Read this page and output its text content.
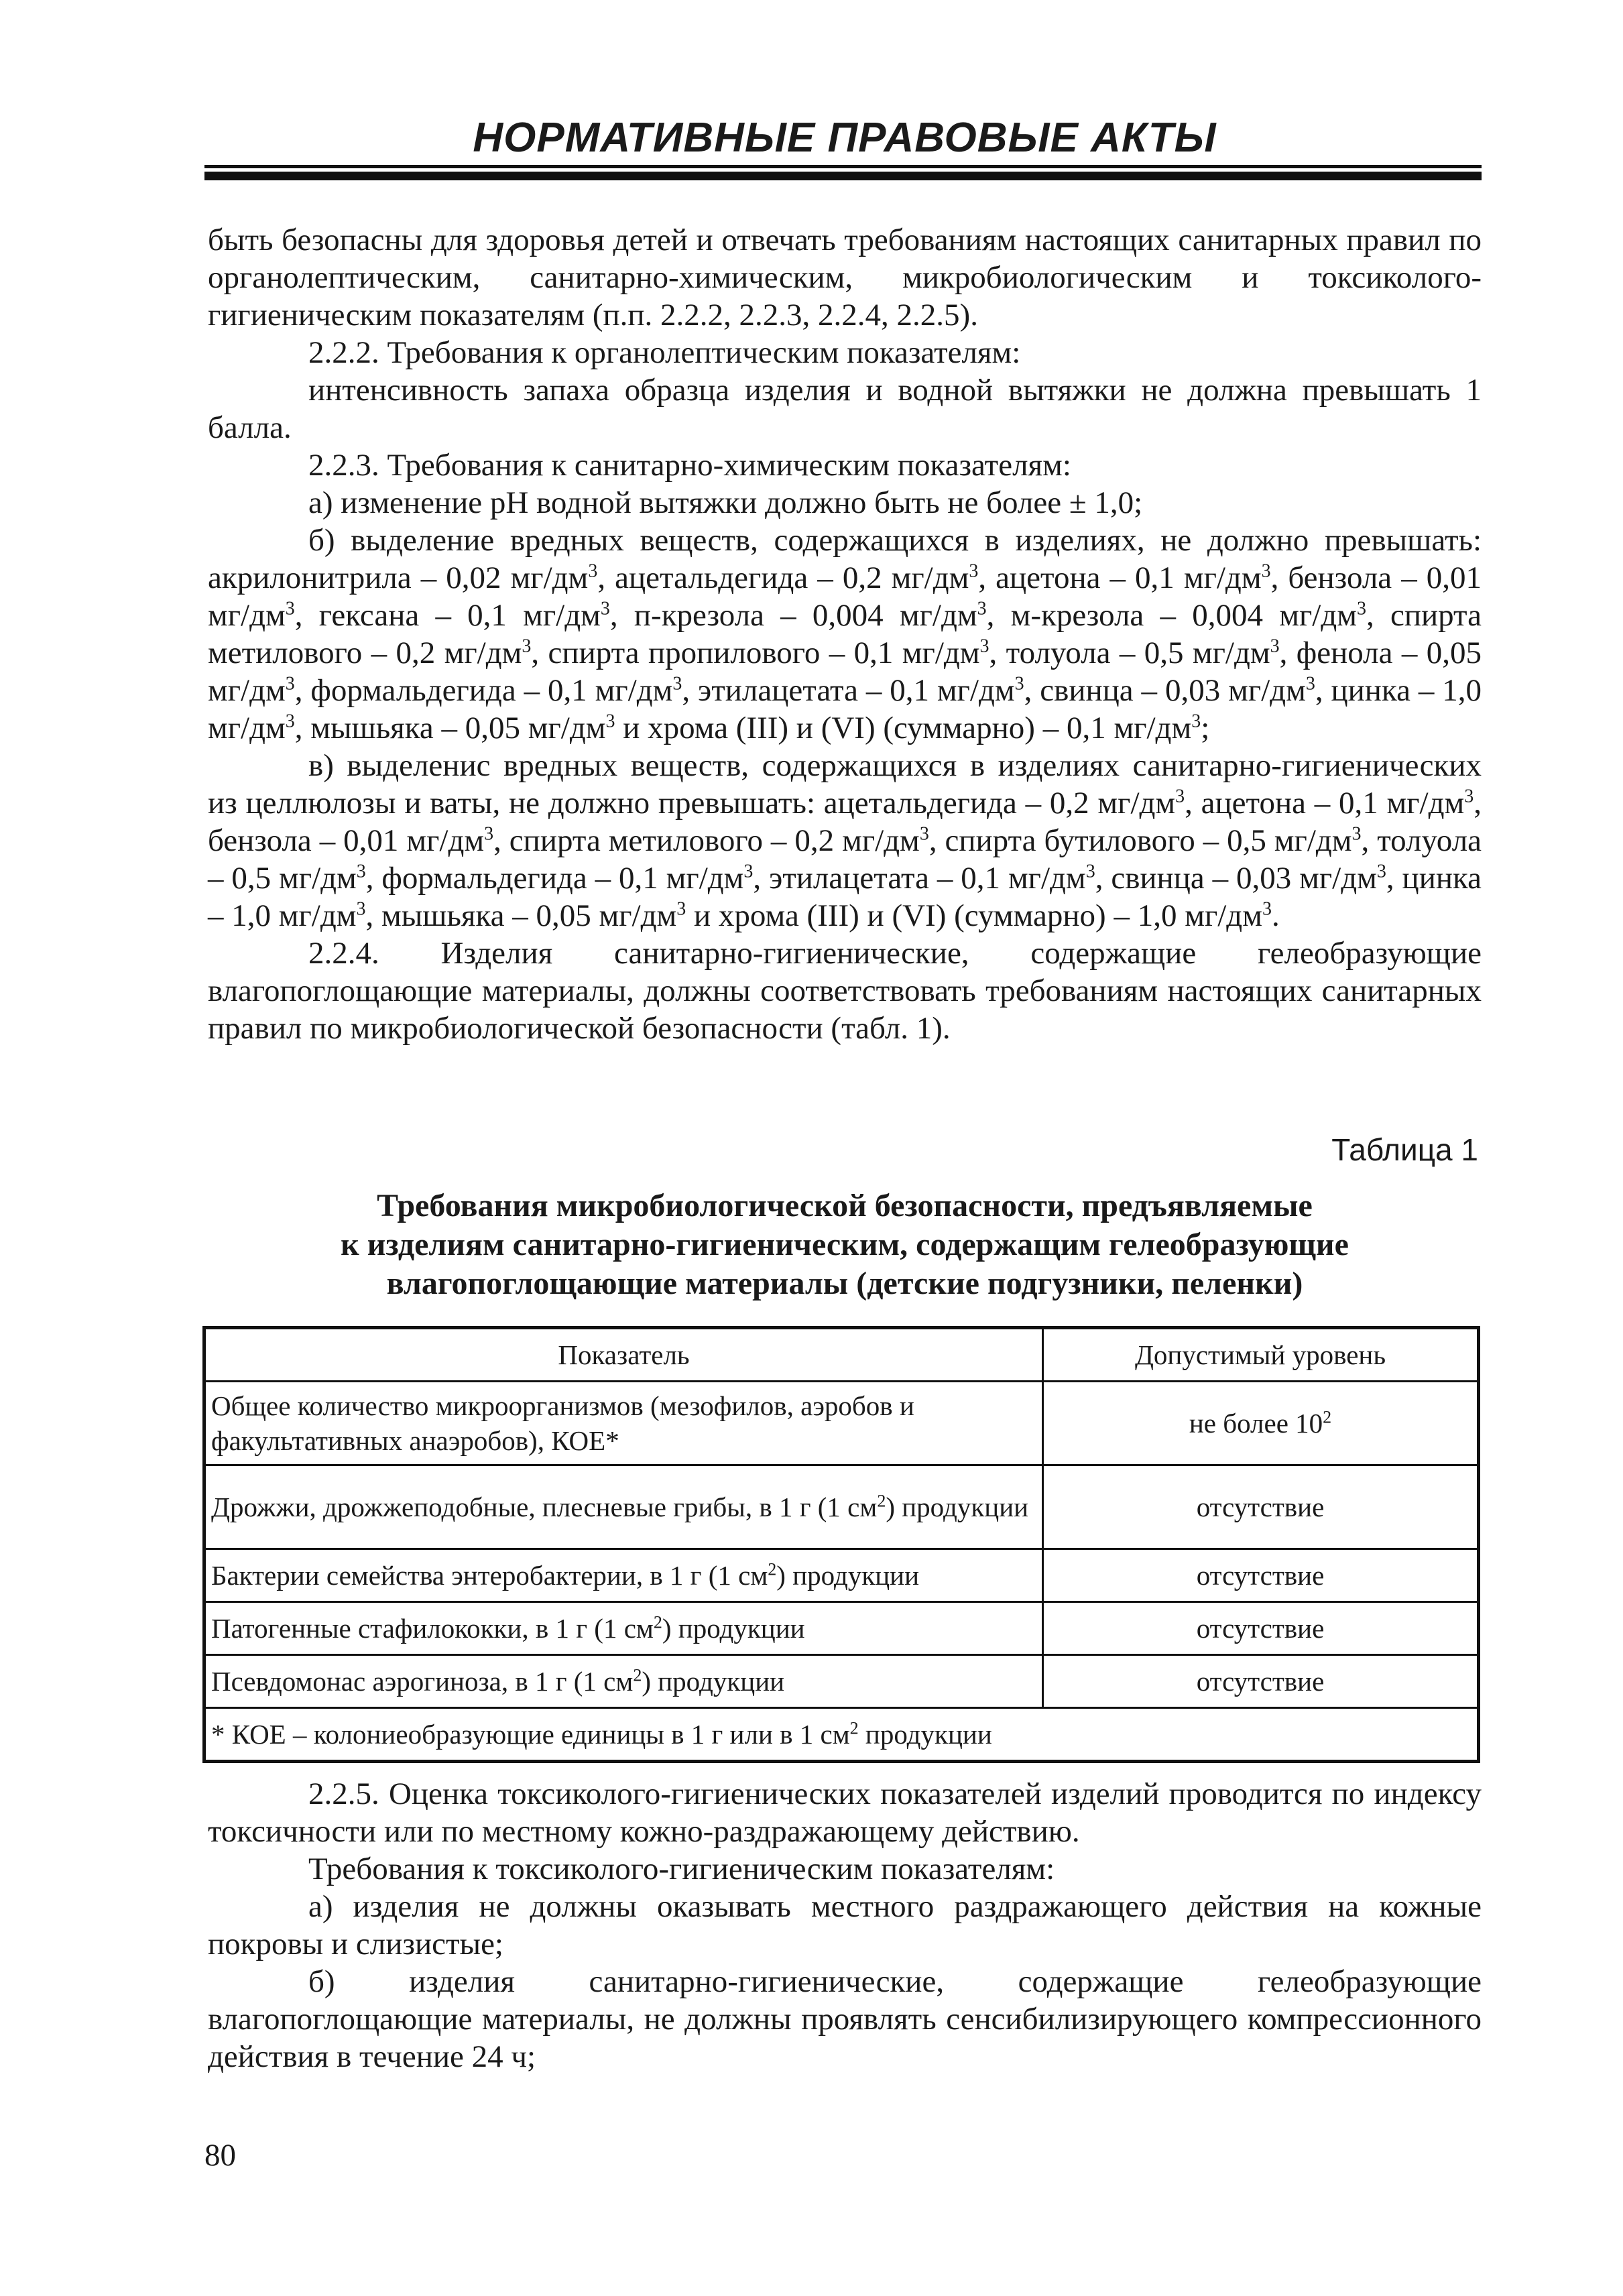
НОРМАТИВНЫЕ ПРАВОВЫЕ АКТЫ

быть безопасны для здоровья детей и отвечать требованиям настоящих санитарных правил по органолептическим, санитарно-химическим, микробиологическим и токсиколого-гигиеническим показателям (п.п. 2.2.2, 2.2.3, 2.2.4, 2.2.5).

2.2.2. Требования к органолептическим показателям:

интенсивность запаха образца изделия и водной вытяжки не должна превышать 1 балла.

2.2.3. Требования к санитарно-химическим показателям:

а) изменение pH водной вытяжки должно быть не более ± 1,0;

б) выделение вредных веществ, содержащихся в изделиях, не должно превышать: акрилонитрила – 0,02 $мг/дм^3$, ацетальдегида – 0,2 $мг/дм^3$, ацетона – 0,1 $мг/дм^3$, бензола – 0,01 $мг/дм^3$, гексана – 0,1 $мг/дм^3$, п-крезола – 0,004 $мг/дм^3$, м-крезола – 0,004 $мг/дм^3$, спирта метилового – 0,2 $мг/дм^3$, спирта пропилового – 0,1 $мг/дм^3$, толуола – 0,5 $мг/дм^3$, фенола – 0,05 $мг/дм^3$, формальдегида – 0,1 $мг/дм^3$, этилацетата – 0,1 $мг/дм^3$, свинца – 0,03 $мг/дм^3$, цинка – 1,0 $мг/дм^3$, мышьяка – 0,05 $мг/дм^3$ и хрома (III) и (VI) (суммарно) – 0,1 $мг/дм^3$;

в) выделенис вредных веществ, содержащихся в изделиях санитарно-гигиенических из целлюлозы и ваты, не должно превышать: ацетальдегида – 0,2 $мг/дм^3$, ацетона – 0,1 $мг/дм^3$, бензола – 0,01 $мг/дм^3$, спирта метилового – 0,2 $мг/дм^3$, спирта бутилового – 0,5 $мг/дм^3$, толуола – 0,5 $мг/дм^3$, формальдегида – 0,1 $мг/дм^3$, этилацетата – 0,1 $мг/дм^3$, свинца – 0,03 $мг/дм^3$, цинка – 1,0 $мг/дм^3$, мышьяка – 0,05 $мг/дм^3$ и хрома (III) и (VI) (суммарно) – 1,0 $мг/дм^3$.

2.2.4. Изделия санитарно-гигиенические, содержащие гелеобразующие влагопоглощающие материалы, должны соответствовать требованиям настоящих санитарных правил по микробиологической безопасности (табл. 1).

Таблица 1
Требования микробиологической безопасности, предъявляемые
к изделиям санитарно-гигиеническим, содержащим гелеобразующие
влагопоглощающие материалы (детские подгузники, пеленки)
Показатель	Допустимый уровень
Общее количество микроорганизмов (мезофилов, аэробов и факультативных анаэробов), КОЕ*	не более $10^2$
Дрожжи, дрожжеподобные, плесневые грибы, в 1 г (1 $см^2$) продукции	отсутствие
Бактерии семейства энтеробактерии, в 1 г (1 $см^2$) продукции	отсутствие
Патогенные стафилококки, в 1 г (1 $см^2$) продукции	отсутствие
Псевдомонас аэрогиноза, в 1 г (1 $см^2$) продукции	отсутствие
* КОЕ – колониеобразующие единицы в 1 г или в 1 $см^2$ продукции	

2.2.5. Оценка токсиколого-гигиенических показателей изделий проводится по индексу токсичности или по местному кожно-раздражающему действию.

Требования к токсиколого-гигиеническим показателям:

а) изделия не должны оказывать местного раздражающего действия на кожные покровы и слизистые;

б) изделия санитарно-гигиенические, содержащие гелеобразующие влагопоглощающие материалы, не должны проявлять сенсибилизирующего компрессионного действия в течение 24 ч;

80
